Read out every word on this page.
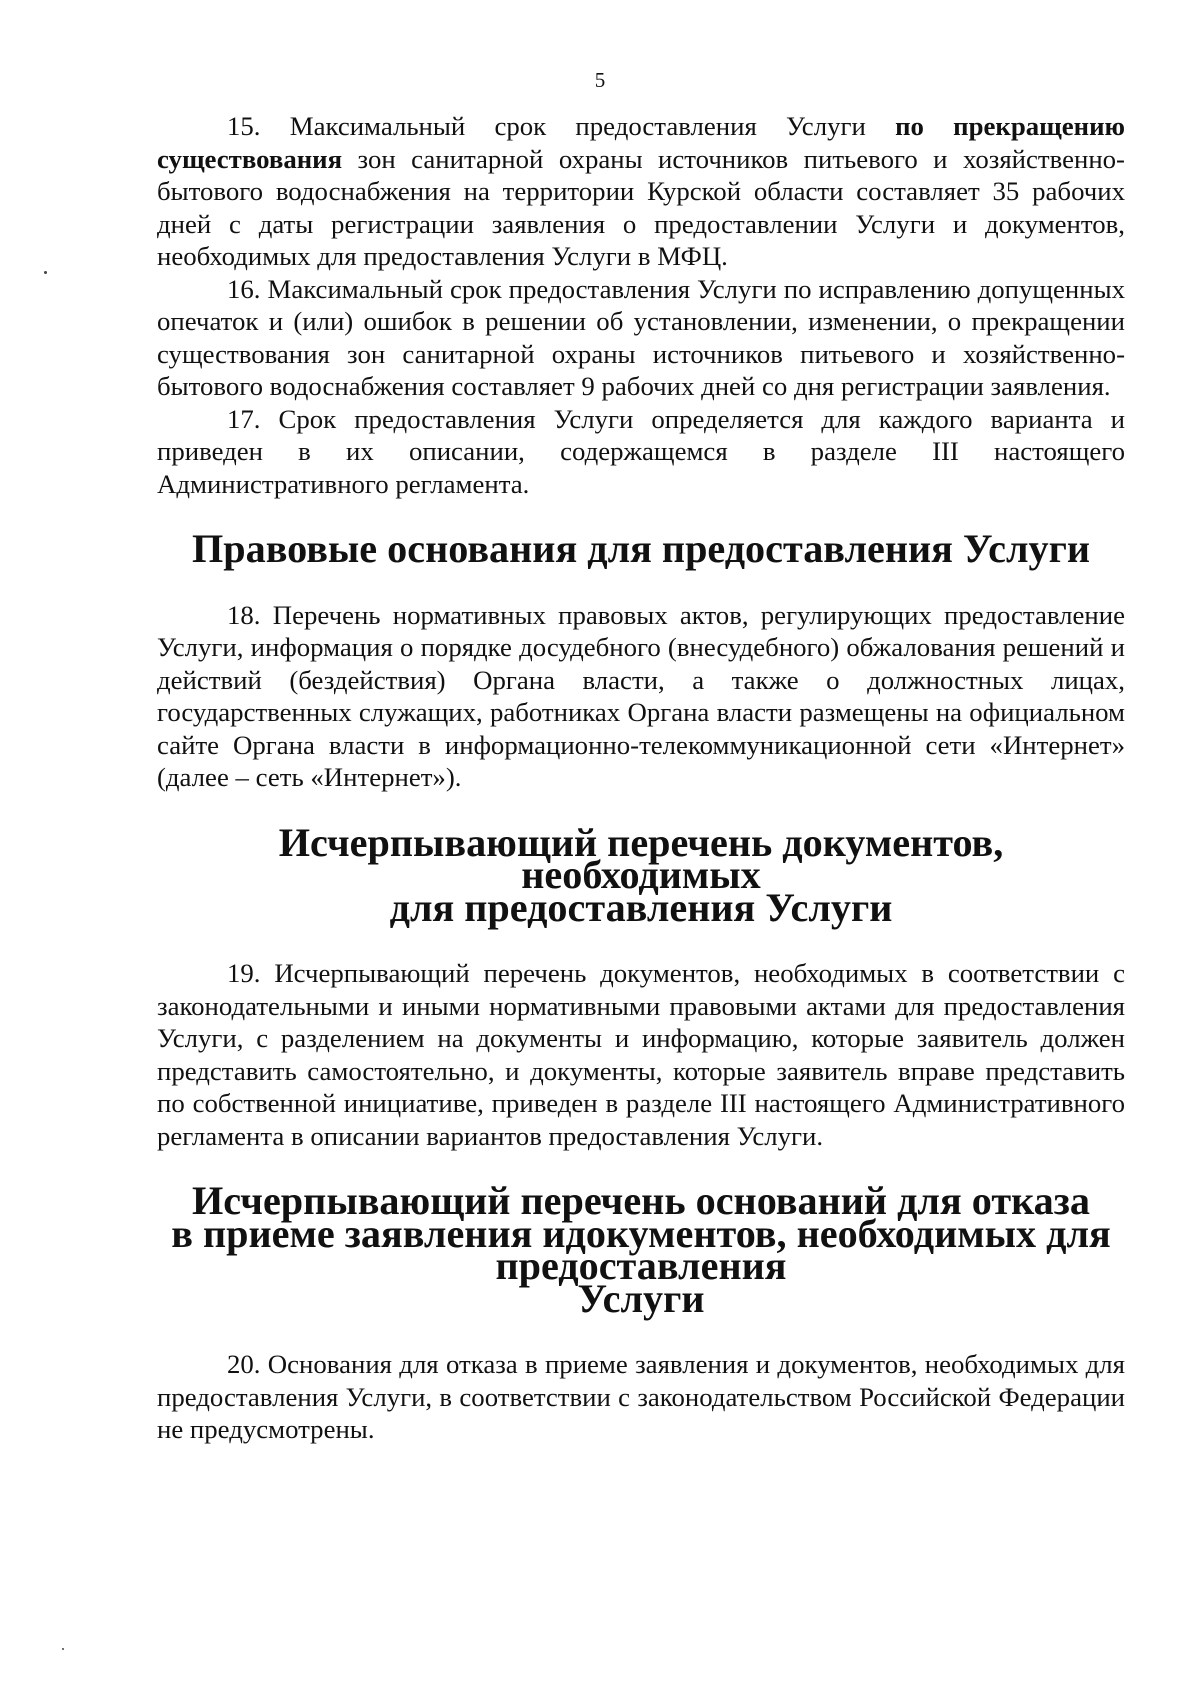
5

15. Максимальный срок предоставления Услуги по прекращению существования зон санитарной охраны источников питьевого и хозяйственно-бытового водоснабжения на территории Курской области составляет 35 рабочих дней с даты регистрации заявления о предоставлении Услуги и документов, необходимых для предоставления Услуги в МФЦ.

16. Максимальный срок предоставления Услуги по исправлению допущенных опечаток и (или) ошибок в решении об установлении, изменении, о прекращении существования зон санитарной охраны источников питьевого и хозяйственно-бытового водоснабжения составляет 9 рабочих дней со дня регистрации заявления.

17. Срок предоставления Услуги определяется для каждого варианта и приведен в их описании, содержащемся в разделе III настоящего Административного регламента.

Правовые основания для предоставления Услуги

18. Перечень нормативных правовых актов, регулирующих предоставление Услуги, информация о порядке досудебного (внесудебного) обжалования решений и действий (бездействия) Органа власти, а также о должностных лицах, государственных служащих, работниках Органа власти размещены на официальном сайте Органа власти в информационно-телекоммуникационной сети «Интернет» (далее – сеть «Интернет»).

Исчерпывающий перечень документов, необходимых
для предоставления Услуги

19. Исчерпывающий перечень документов, необходимых в соответствии с законодательными и иными нормативными правовыми актами для предоставления Услуги, с разделением на документы и информацию, которые заявитель должен представить самостоятельно, и документы, которые заявитель вправе представить по собственной инициативе, приведен в разделе III настоящего Административного регламента в описании вариантов предоставления Услуги.

Исчерпывающий перечень оснований для отказа
в приеме заявления идокументов, необходимых для предоставления
Услуги

20. Основания для отказа в приеме заявления и документов, необходимых для предоставления Услуги, в соответствии с законодательством Российской Федерации не предусмотрены.
